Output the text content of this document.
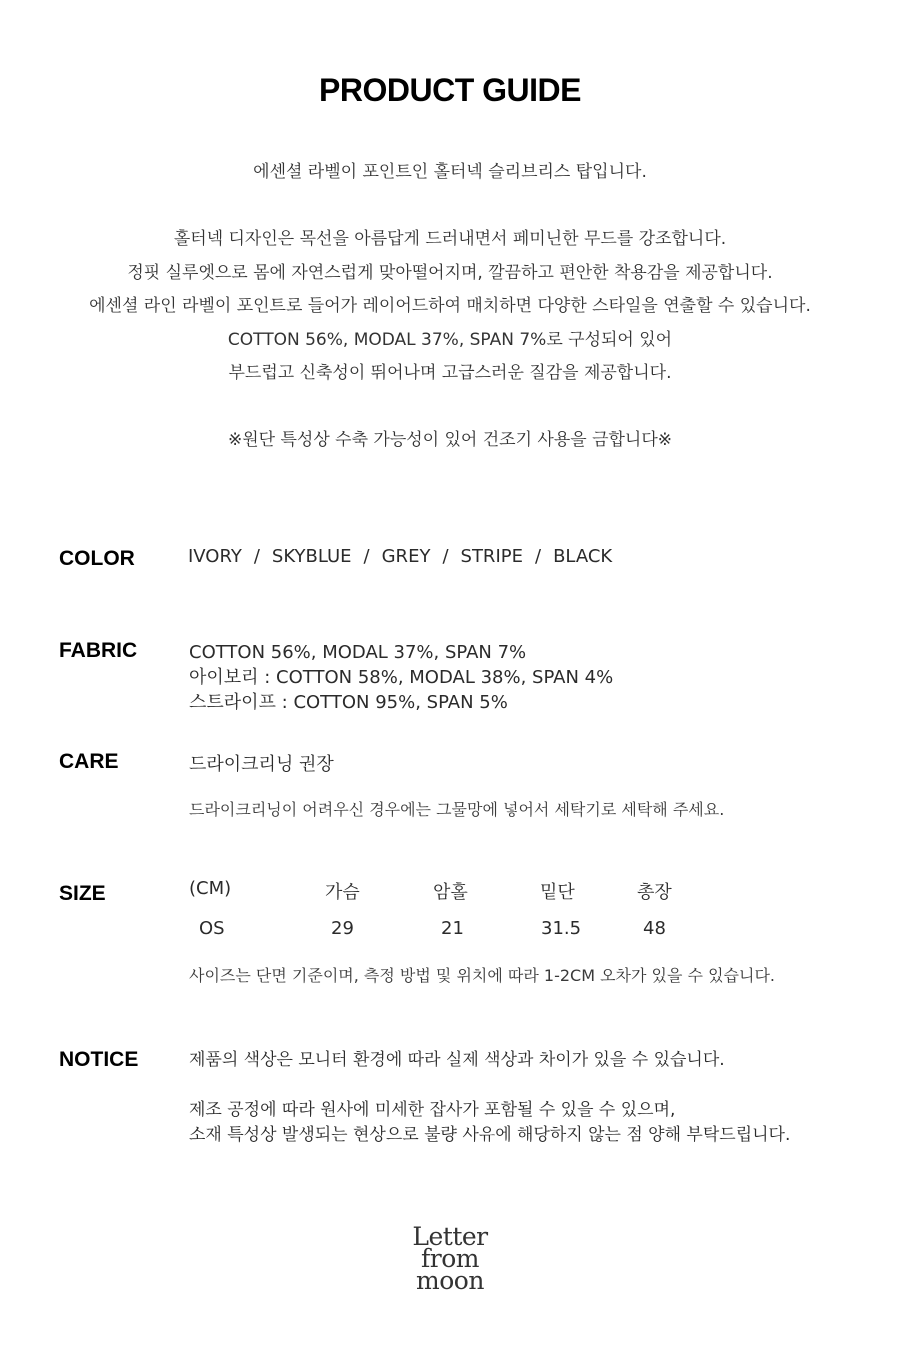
PRODUCT GUIDE

에센셜 라벨이 포인트인 홀터넥 슬리브리스 탑입니다.

홀터넥 디자인은 목선을 아름답게 드러내면서 페미닌한 무드를 강조합니다.

정핏 실루엣으로 몸에 자연스럽게 맞아떨어지며, 깔끔하고 편안한 착용감을 제공합니다.

에센셜 라인 라벨이 포인트로 들어가 레이어드하여 매치하면 다양한 스타일을 연출할 수 있습니다.

COTTON 56%, MODAL 37%, SPAN 7%로 구성되어 있어

부드럽고 신축성이 뛰어나며 고급스러운 질감을 제공합니다.

※원단 특성상 수축 가능성이 있어 건조기 사용을 금합니다※

COLOR	IVORY / SKYBLUE / GREY / STRIPE / BLACK
FABRIC	COTTON 56%, MODAL 37%, SPAN 7%
아이보리 : COTTON 58%, MODAL 38%, SPAN 4%
스트라이프 : COTTON 95%, SPAN 5%
CARE	드라이크리닝 권장
드라이크리닝이 어려우신 경우에는 그물망에 넣어서 세탁기로 세탁해 주세요.
SIZE	(CM)	가슴	암홀	밑단	총장
OS	29	21	31.5	48
사이즈는 단면 기준이며, 측정 방법 및 위치에 따라 1-2CM 오차가 있을 수 있습니다.
NOTICE	제품의 색상은 모니터 환경에 따라 실제 색상과 차이가 있을 수 있습니다.
제조 공정에 따라 원사에 미세한 잡사가 포함될 수 있을 수 있으며,
소재 특성상 발생되는 현상으로 불량 사유에 해당하지 않는 점 양해 부탁드립니다.
Letter
from
moon
